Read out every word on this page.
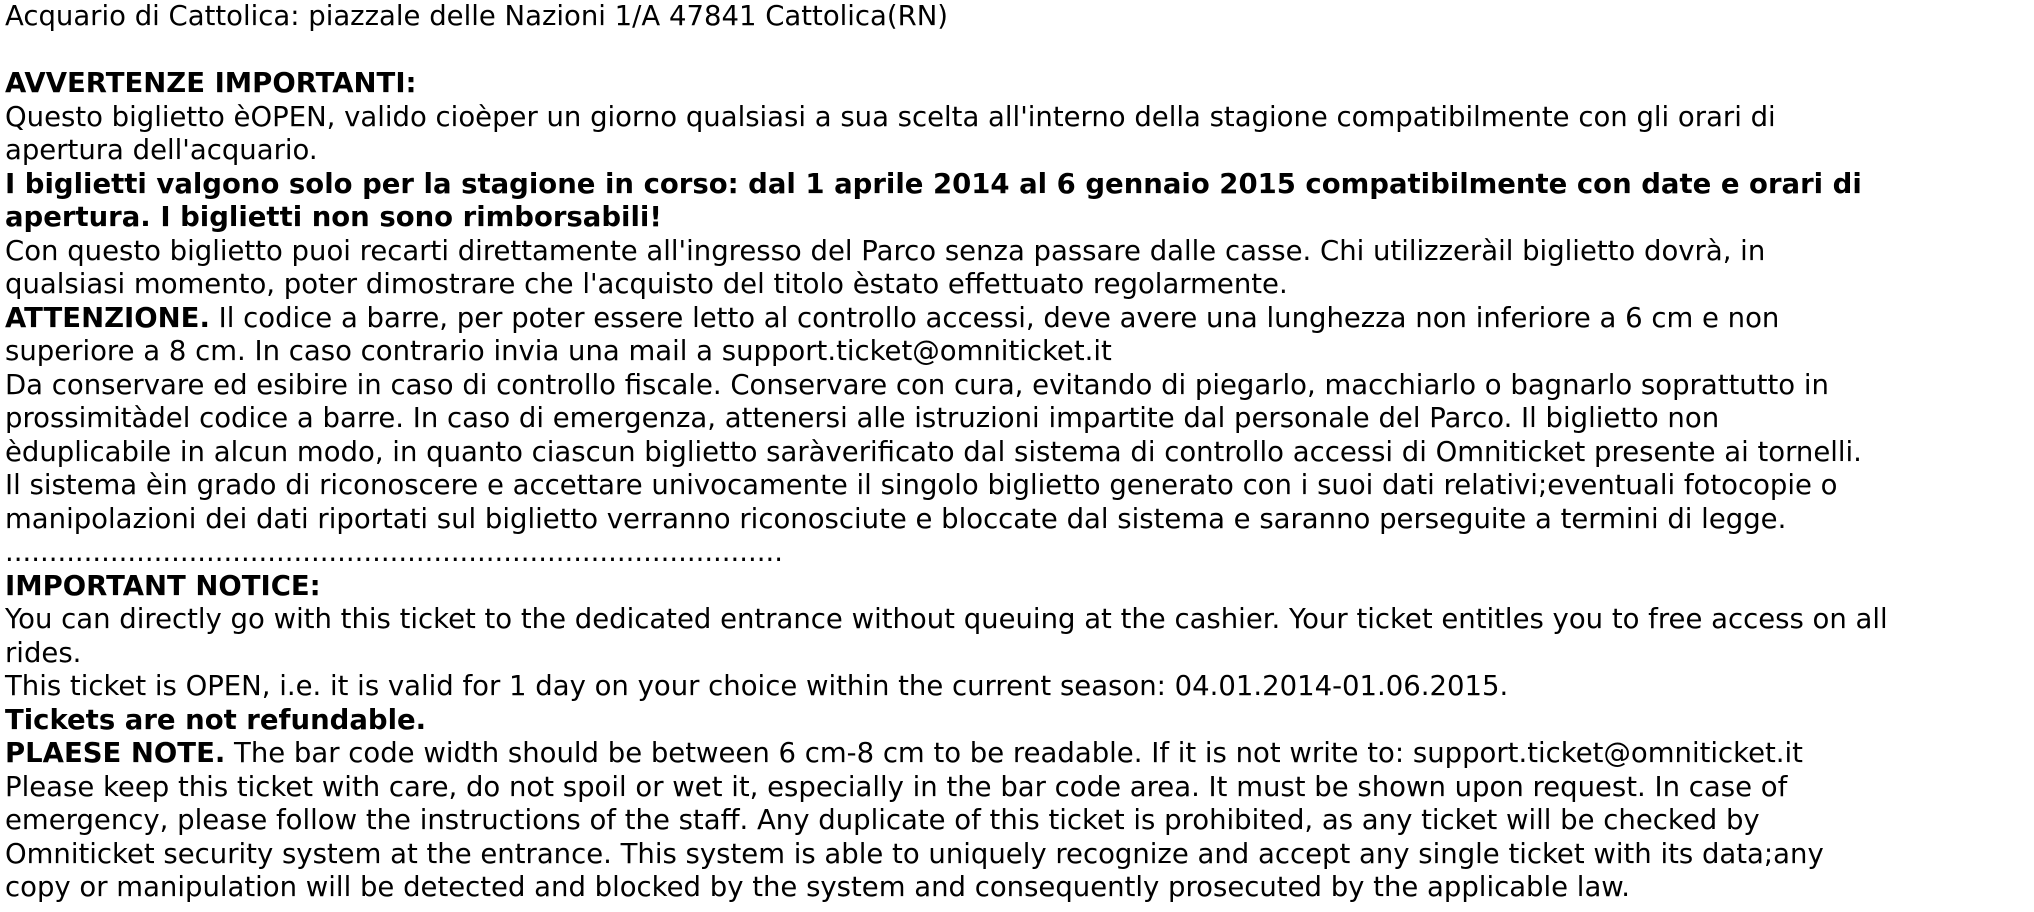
Acquario di Cattolica: piazzale delle Nazioni 1/A 47841 Cattolica(RN)
AVVERTENZE IMPORTANTI:
Questo biglietto èOPEN, valido cioèper un giorno qualsiasi a sua scelta all'interno della stagione compatibilmente con gli orari di
apertura dell'acquario.
I biglietti valgono solo per la stagione in corso: dal 1 aprile 2014 al 6 gennaio 2015 compatibilmente con date e orari di
apertura. I biglietti non sono rimborsabili!
Con questo biglietto puoi recarti direttamente all'ingresso del Parco senza passare dalle casse. Chi utilizzeràil biglietto dovrà, in
qualsiasi momento, poter dimostrare che l'acquisto del titolo èstato effettuato regolarmente.
ATTENZIONE. Il codice a barre, per poter essere letto al controllo accessi, deve avere una lunghezza non inferiore a 6 cm e non
superiore a 8 cm. In caso contrario invia una mail a support.ticket@omniticket.it
Da conservare ed esibire in caso di controllo fiscale. Conservare con cura, evitando di piegarlo, macchiarlo o bagnarlo soprattutto in
prossimitàdel codice a barre. In caso di emergenza, attenersi alle istruzioni impartite dal personale del Parco. Il biglietto non
èduplicabile in alcun modo, in quanto ciascun biglietto saràverificato dal sistema di controllo accessi di Omniticket presente ai tornelli.
Il sistema èin grado di riconoscere e accettare univocamente il singolo biglietto generato con i suoi dati relativi;eventuali fotocopie o
manipolazioni dei dati riportati sul biglietto verranno riconosciute e bloccate dal sistema e saranno perseguite a termini di legge.
.........................................................................................
IMPORTANT NOTICE:
You can directly go with this ticket to the dedicated entrance without queuing at the cashier. Your ticket entitles you to free access on all
rides.
This ticket is OPEN, i.e. it is valid for 1 day on your choice within the current season: 04.01.2014-01.06.2015.
Tickets are not refundable.
PLAESE NOTE. The bar code width should be between 6 cm-8 cm to be readable. If it is not write to: support.ticket@omniticket.it
Please keep this ticket with care, do not spoil or wet it, especially in the bar code area. It must be shown upon request. In case of
emergency, please follow the instructions of the staff. Any duplicate of this ticket is prohibited, as any ticket will be checked by
Omniticket security system at the entrance. This system is able to uniquely recognize and accept any single ticket with its data;any
copy or manipulation will be detected and blocked by the system and consequently prosecuted by the applicable law.
